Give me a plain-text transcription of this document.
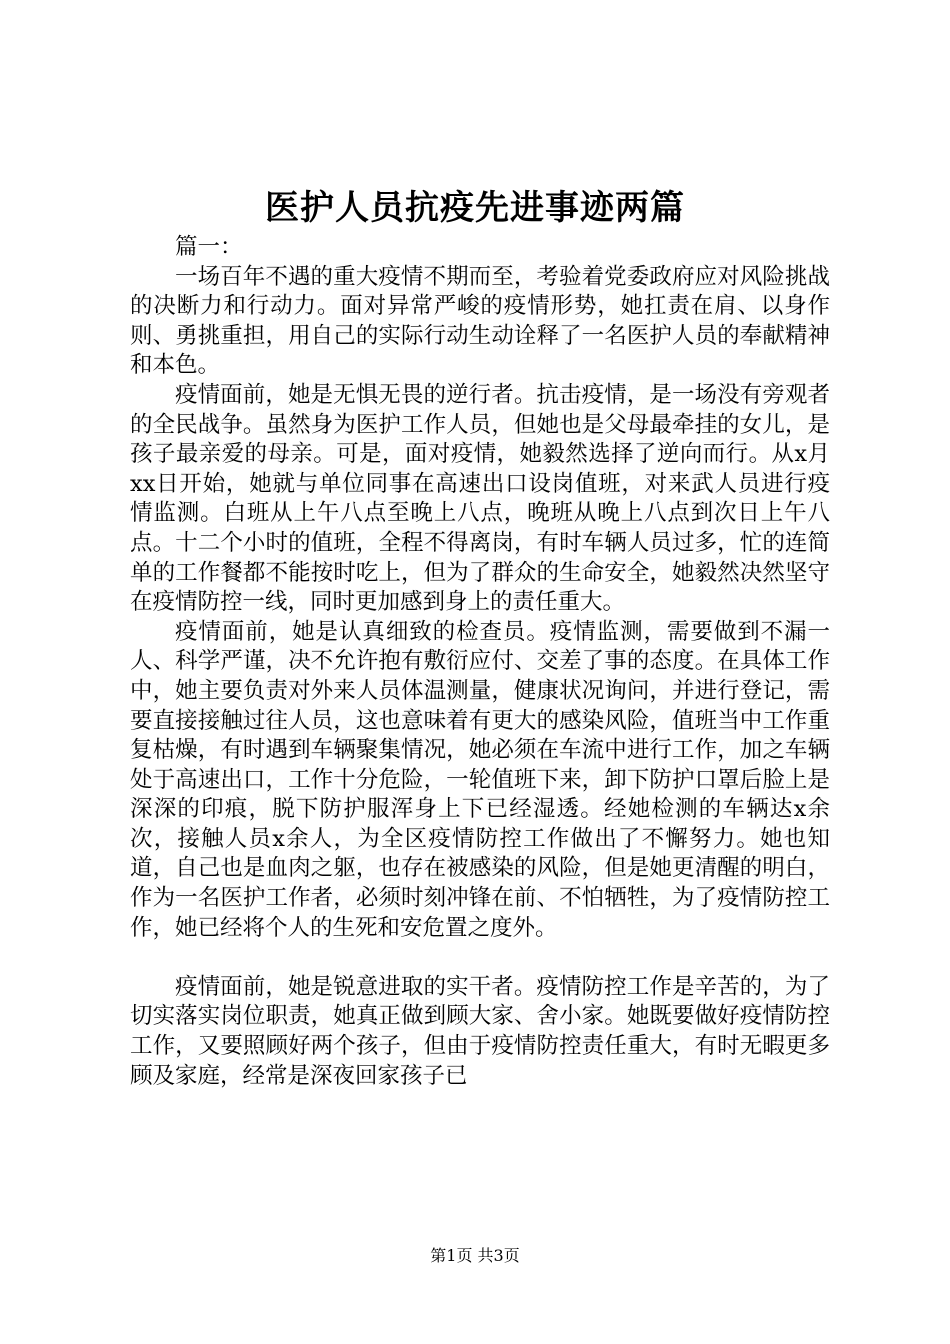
医护人员抗疫先进事迹两篇

篇一：

一场百年不遇的重大疫情不期而至，考验着党委政府应对风险挑战的决断力和行动力。面对异常严峻的疫情形势，她扛责在肩、以身作则、勇挑重担，用自己的实际行动生动诠释了一名医护人员的奉献精神和本色。

疫情面前，她是无惧无畏的逆行者。抗击疫情，是一场没有旁观者的全民战争。虽然身为医护工作人员，但她也是父母最牵挂的女儿，是孩子最亲爱的母亲。可是，面对疫情，她毅然选择了逆向而行。从x月xx日开始，她就与单位同事在高速出口设岗值班，对来武人员进行疫情监测。白班从上午八点至晚上八点，晚班从晚上八点到次日上午八点。十二个小时的值班，全程不得离岗，有时车辆人员过多，忙的连简单的工作餐都不能按时吃上，但为了群众的生命安全，她毅然决然坚守在疫情防控一线，同时更加感到身上的责任重大。

疫情面前，她是认真细致的检查员。疫情监测，需要做到不漏一人、科学严谨，决不允许抱有敷衍应付、交差了事的态度。在具体工作中，她主要负责对外来人员体温测量，健康状况询问，并进行登记，需要直接接触过往人员，这也意味着有更大的感染风险，值班当中工作重复枯燥，有时遇到车辆聚集情况，她必须在车流中进行工作，加之车辆处于高速出口，工作十分危险，一轮值班下来，卸下防护口罩后脸上是深深的印痕，脱下防护服浑身上下已经湿透。经她检测的车辆达x余次，接触人员x余人，为全区疫情防控工作做出了不懈努力。她也知道，自己也是血肉之躯，也存在被感染的风险，但是她更清醒的明白，作为一名医护工作者，必须时刻冲锋在前、不怕牺牲，为了疫情防控工作，她已经将个人的生死和安危置之度外。

疫情面前，她是锐意进取的实干者。疫情防控工作是辛苦的，为了切实落实岗位职责，她真正做到顾大家、舍小家。她既要做好疫情防控工作，又要照顾好两个孩子，但由于疫情防控责任重大，有时无暇更多顾及家庭，经常是深夜回家孩子已

第1页 共3页
